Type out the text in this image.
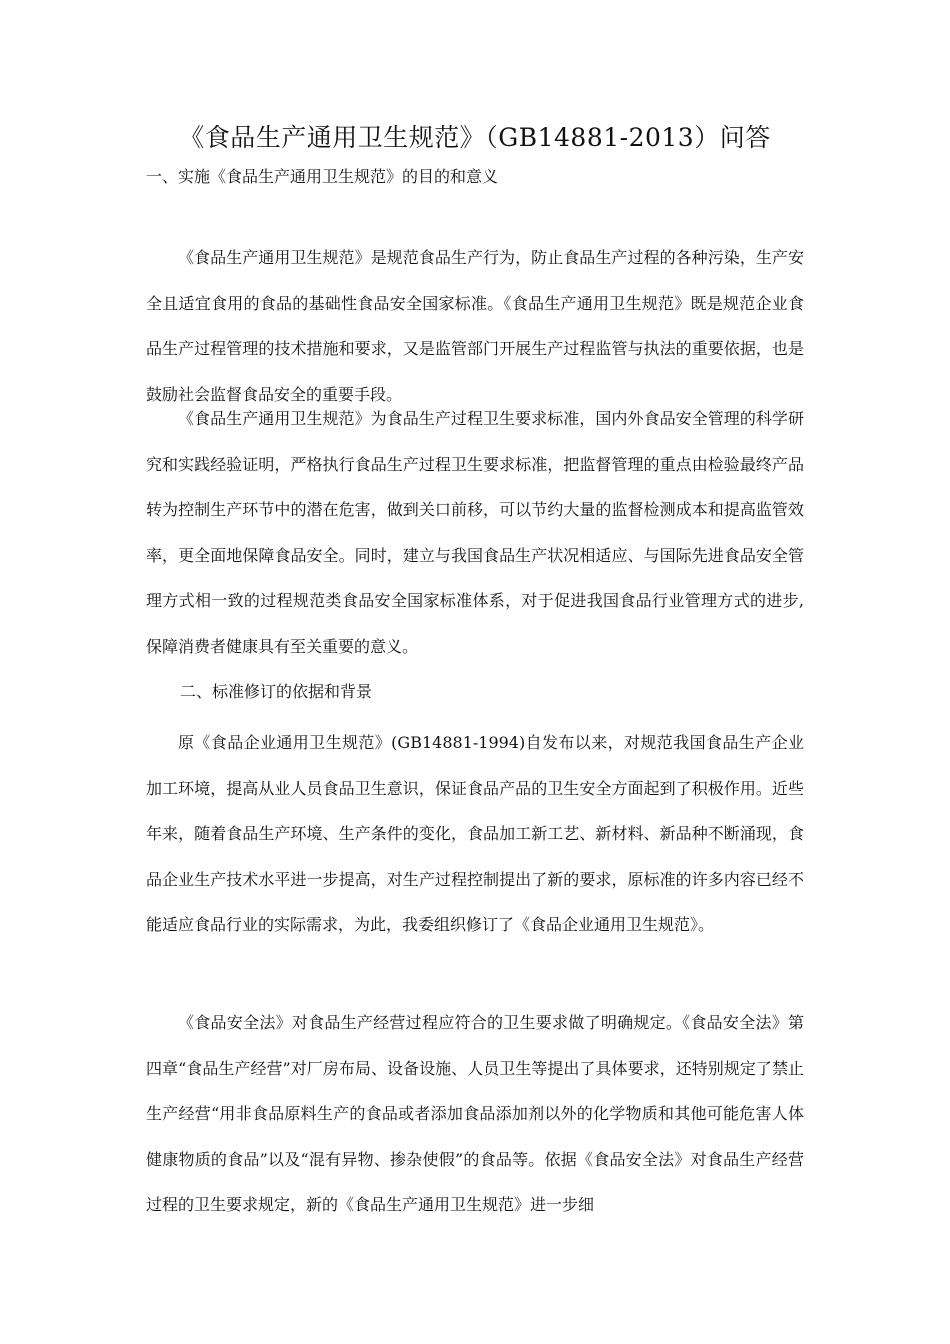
《食品生产通用卫生规范》（GB14881-2013）问答
一、实施《食品生产通用卫生规范》的目的和意义

《食品生产通用卫生规范》是规范食品生产行为，防止食品生产过程的各种污染，生产安全且适宜食用的食品的基础性食品安全国家标准。《食品生产通用卫生规范》既是规范企业食品生产过程管理的技术措施和要求，又是监管部门开展生产过程监管与执法的重要依据，也是鼓励社会监督食品安全的重要手段。

《食品生产通用卫生规范》为食品生产过程卫生要求标准，国内外食品安全管理的科学研究和实践经验证明，严格执行食品生产过程卫生要求标准，把监督管理的重点由检验最终产品转为控制生产环节中的潜在危害，做到关口前移，可以节约大量的监督检测成本和提高监管效率，更全面地保障食品安全。同时，建立与我国食品生产状况相适应、与国际先进食品安全管理方式相一致的过程规范类食品安全国家标准体系，对于促进我国食品行业管理方式的进步,保障消费者健康具有至关重要的意义。

二、标准修订的依据和背景

原《食品企业通用卫生规范》(GB14881-1994)自发布以来，对规范我国食品生产企业加工环境，提高从业人员食品卫生意识，保证食品产品的卫生安全方面起到了积极作用。近些年来，随着食品生产环境、生产条件的变化，食品加工新工艺、新材料、新品种不断涌现，食品企业生产技术水平进一步提高，对生产过程控制提出了新的要求，原标准的许多内容已经不能适应食品行业的实际需求，为此，我委组织修订了《食品企业通用卫生规范》。

《食品安全法》对食品生产经营过程应符合的卫生要求做了明确规定。《食品安全法》第四章“食品生产经营”对厂房布局、设备设施、人员卫生等提出了具体要求，还特别规定了禁止生产经营“用非食品原料生产的食品或者添加食品添加剂以外的化学物质和其他可能危害人体健康物质的食品”以及“混有异物、掺杂使假”的食品等。依据《食品安全法》对食品生产经营过程的卫生要求规定，新的《食品生产通用卫生规范》进一步细
